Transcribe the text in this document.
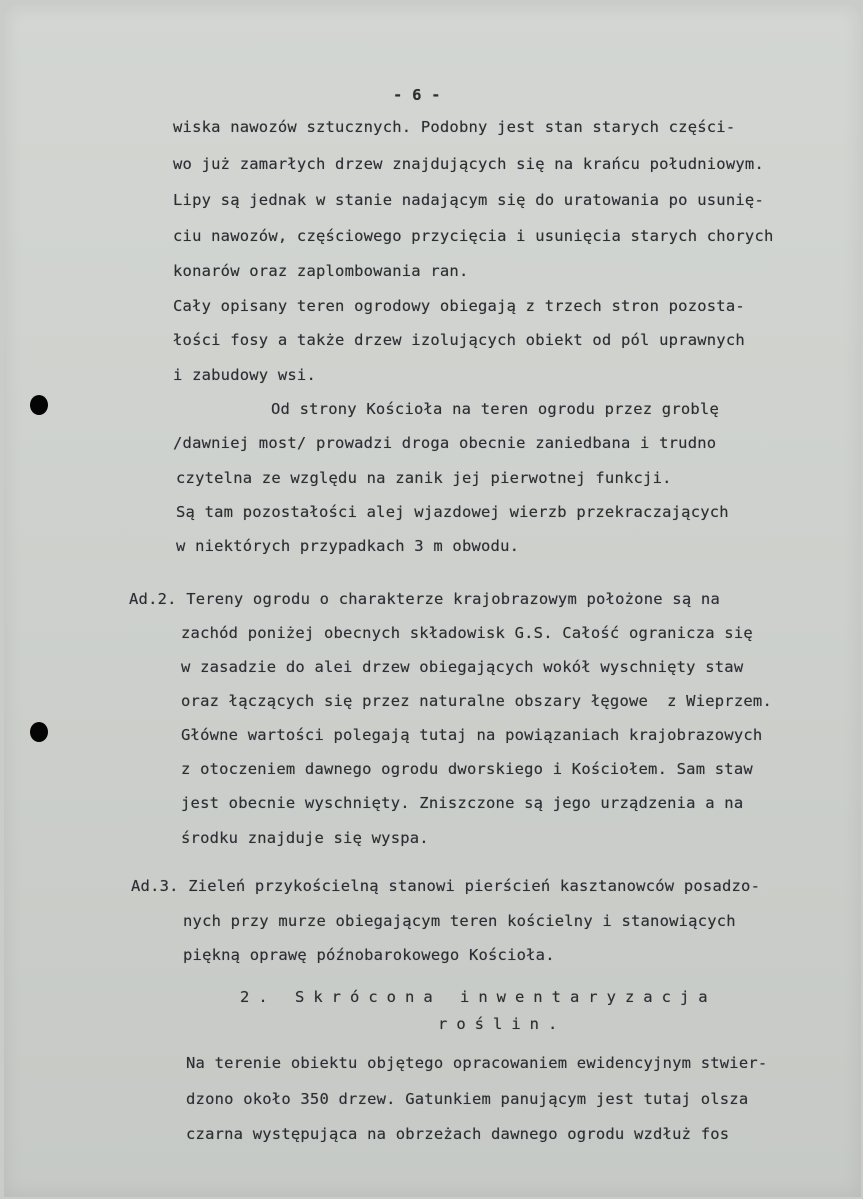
- 6 -
wiska nawozów sztucznych. Podobny jest stan starych części-
wo już zamarłych drzew znajdujących się na krańcu południowym.
Lipy są jednak w stanie nadającym się do uratowania po usunię-
ciu nawozów, częściowego przycięcia i usunięcia starych chorych
konarów oraz zaplombowania ran.
Cały opisany teren ogrodowy obiegają z trzech stron pozosta-
łości fosy a także drzew izolujących obiekt od pól uprawnych
i zabudowy wsi.
Od strony Kościoła na teren ogrodu przez groblę
/dawniej most/ prowadzi droga obecnie zaniedbana i trudno
czytelna ze względu na zanik jej pierwotnej funkcji.
Są tam pozostałości alej wjazdowej wierzb przekraczających
w niektórych przypadkach 3 m obwodu.
Ad.2. Tereny ogrodu o charakterze krajobrazowym położone są na
zachód poniżej obecnych składowisk G.S. Całość ogranicza się
w zasadzie do alei drzew obiegających wokół wyschnięty staw
oraz łączących się przez naturalne obszary łęgowe  z Wieprzem.
Główne wartości polegają tutaj na powiązaniach krajobrazowych
z otoczeniem dawnego ogrodu dworskiego i Kościołem. Sam staw
jest obecnie wyschnięty. Zniszczone są jego urządzenia a na
środku znajduje się wyspa.
Ad.3. Zieleń przykościelną stanowi pierścień kasztanowców posadzo-
nych przy murze obiegającym teren kościelny i stanowiących
piękną oprawę późnobarokowego Kościoła.
2. Skrócona inwentaryzacja
roślin.
Na terenie obiektu objętego opracowaniem ewidencyjnym stwier-
dzono około 350 drzew. Gatunkiem panującym jest tutaj olsza
czarna występująca na obrzeżach dawnego ogrodu wzdłuż fos
